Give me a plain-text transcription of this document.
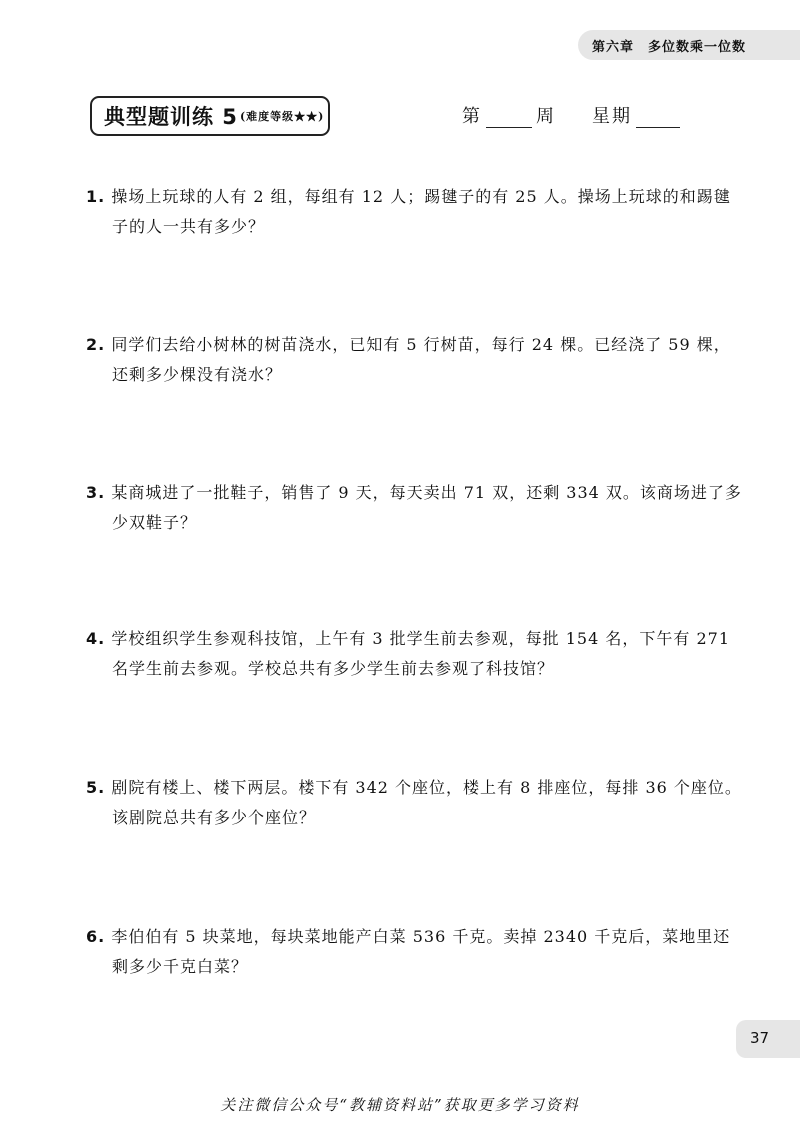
第六章　多位数乘一位数
典型题训练 5 (难度等级★★)	第	周 星期
1. 操场上玩球的人有 2 组，每组有 12 人；踢毽子的有 25 人。操场上玩球的和踢毽
子的人一共有多少？
2. 同学们去给小树林的树苗浇水，已知有 5 行树苗，每行 24 棵。已经浇了 59 棵，
还剩多少棵没有浇水？
3. 某商城进了一批鞋子，销售了 9 天，每天卖出 71 双，还剩 334 双。该商场进了多
少双鞋子？
4. 学校组织学生参观科技馆，上午有 3 批学生前去参观，每批 154 名，下午有 271
名学生前去参观。学校总共有多少学生前去参观了科技馆？
5. 剧院有楼上、楼下两层。楼下有 342 个座位，楼上有 8 排座位，每排 36 个座位。
该剧院总共有多少个座位？
6. 李伯伯有 5 块菜地，每块菜地能产白菜 536 千克。卖掉 2340 千克后，菜地里还
剩多少千克白菜？
37
关注微信公众号“教辅资料站”获取更多学习资料
